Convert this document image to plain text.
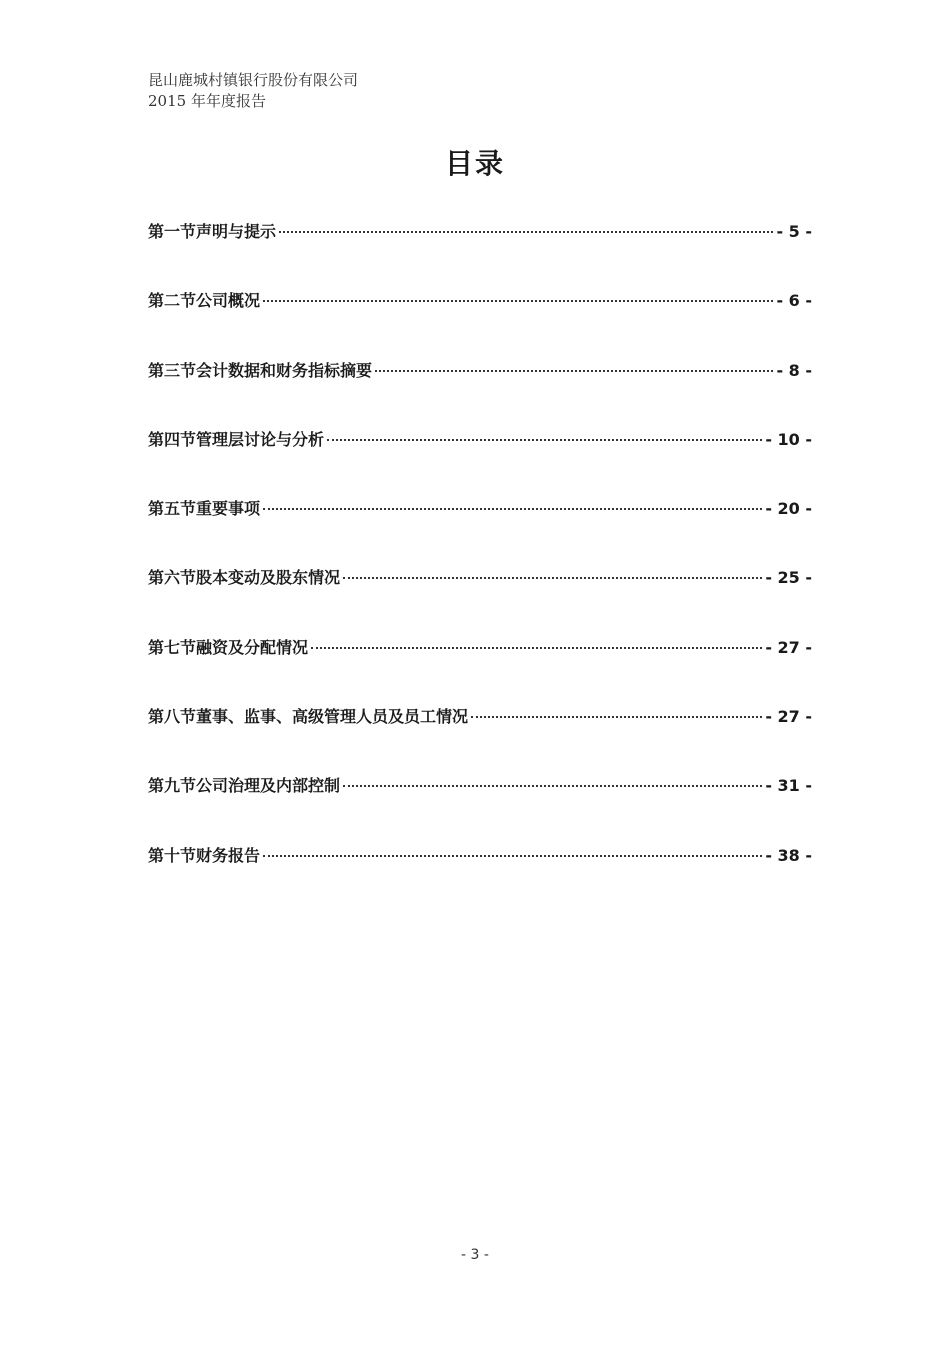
昆山鹿城村镇银行股份有限公司
2015 年年度报告
目录
第一节声明与提示	- 5 -
第二节公司概况	- 6 -
第三节会计数据和财务指标摘要	- 8 -
第四节管理层讨论与分析	- 10 -
第五节重要事项	- 20 -
第六节股本变动及股东情况	- 25 -
第七节融资及分配情况	- 27 -
第八节董事、监事、高级管理人员及员工情况	- 27 -
第九节公司治理及内部控制	- 31 -
第十节财务报告	- 38 -
- 3 -
